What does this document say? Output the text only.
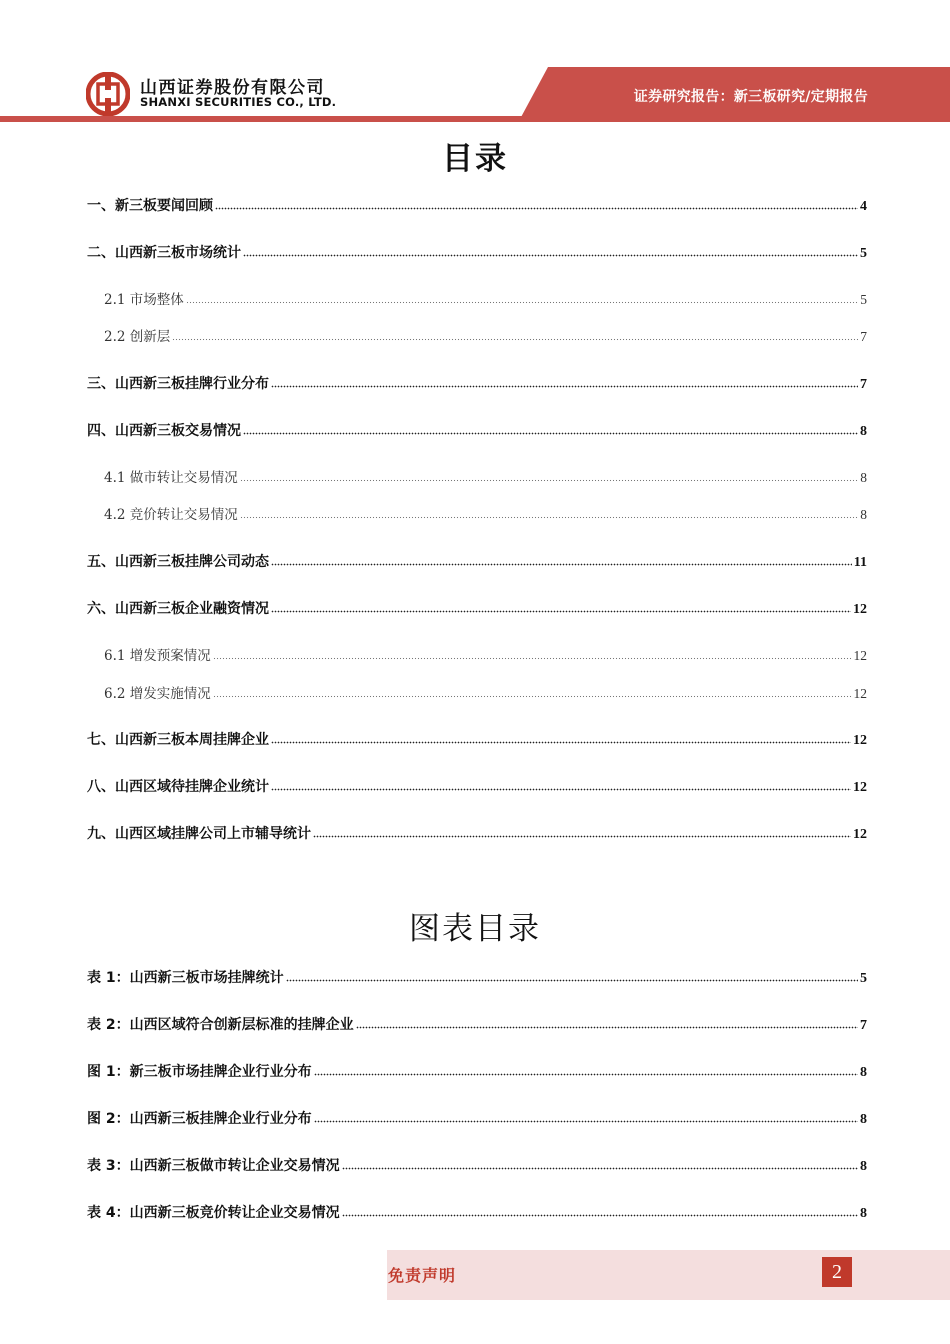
山西证券股份有限公司
SHANXI SECURITIES CO., LTD.	证券研究报告：新三板研究/定期报告
目录
一、新三板要闻回顾	4
二、山西新三板市场统计	5
2.1 市场整体	5
2.2 创新层	7
三、山西新三板挂牌行业分布	7
四、山西新三板交易情况	8
4.1 做市转让交易情况	8
4.2 竞价转让交易情况	8
五、山西新三板挂牌公司动态	11
六、山西新三板企业融资情况	12
6.1 增发预案情况	12
6.2 增发实施情况	12
七、山西新三板本周挂牌企业	12
八、山西区域待挂牌企业统计	12
九、山西区域挂牌公司上市辅导统计	12
图表目录
表 1：山西新三板市场挂牌统计	5
表 2：山西区域符合创新层标准的挂牌企业	7
图 1：新三板市场挂牌企业行业分布	8
图 2：山西新三板挂牌企业行业分布	8
表 3：山西新三板做市转让企业交易情况	8
表 4：山西新三板竞价转让企业交易情况	8
免责声明	2
